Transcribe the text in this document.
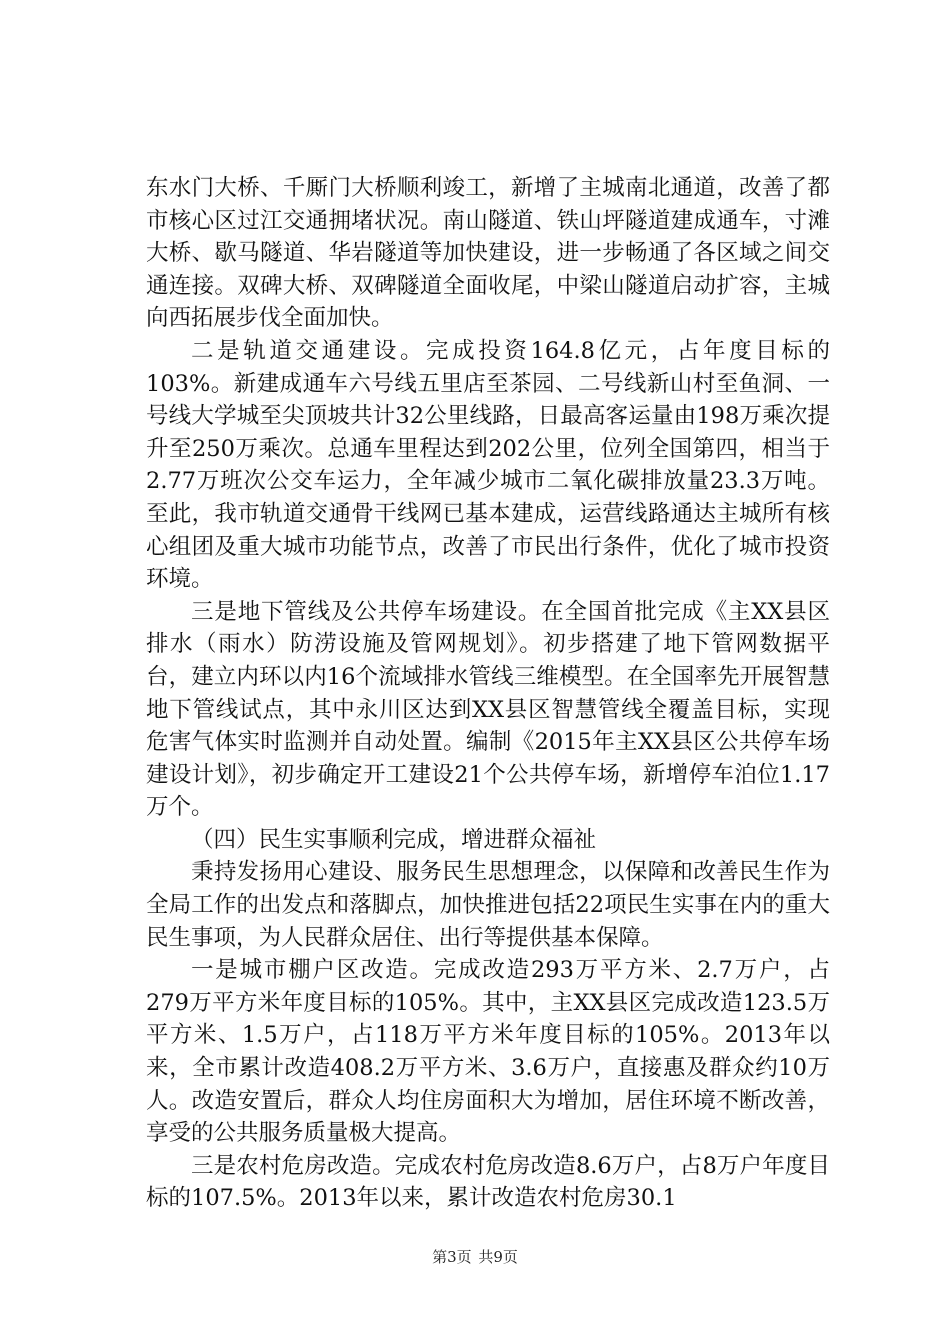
东水门大桥、千厮门大桥顺利竣工，新增了主城南北通道，改善了都市核心区过江交通拥堵状况。南山隧道、铁山坪隧道建成通车，寸滩大桥、歇马隧道、华岩隧道等加快建设，进一步畅通了各区域之间交通连接。双碑大桥、双碑隧道全面收尾，中梁山隧道启动扩容，主城向西拓展步伐全面加快。

二是轨道交通建设。完成投资164.8亿元，占年度目标的103%。新建成通车六号线五里店至茶园、二号线新山村至鱼洞、一号线大学城至尖顶坡共计32公里线路，日最高客运量由198万乘次提升至250万乘次。总通车里程达到202公里，位列全国第四，相当于2.77万班次公交车运力，全年减少城市二氧化碳排放量23.3万吨。至此，我市轨道交通骨干线网已基本建成，运营线路通达主城所有核心组团及重大城市功能节点，改善了市民出行条件，优化了城市投资环境。

三是地下管线及公共停车场建设。在全国首批完成《主XX县区排水（雨水）防涝设施及管网规划》。初步搭建了地下管网数据平台，建立内环以内16个流域排水管线三维模型。在全国率先开展智慧地下管线试点，其中永川区达到XX县区智慧管线全覆盖目标，实现危害气体实时监测并自动处置。编制《2015年主XX县区公共停车场建设计划》，初步确定开工建设21个公共停车场，新增停车泊位1.17万个。

（四）民生实事顺利完成，增进群众福祉

秉持发扬用心建设、服务民生思想理念，以保障和改善民生作为全局工作的出发点和落脚点，加快推进包括22项民生实事在内的重大民生事项，为人民群众居住、出行等提供基本保障。

一是城市棚户区改造。完成改造293万平方米、2.7万户，占279万平方米年度目标的105%。其中，主XX县区完成改造123.5万平方米、1.5万户，占118万平方米年度目标的105%。2013年以来，全市累计改造408.2万平方米、3.6万户，直接惠及群众约10万人。改造安置后，群众人均住房面积大为增加，居住环境不断改善，享受的公共服务质量极大提高。

三是农村危房改造。完成农村危房改造8.6万户，占8万户年度目标的107.5%。2013年以来，累计改造农村危房30.1

第3页 共9页
